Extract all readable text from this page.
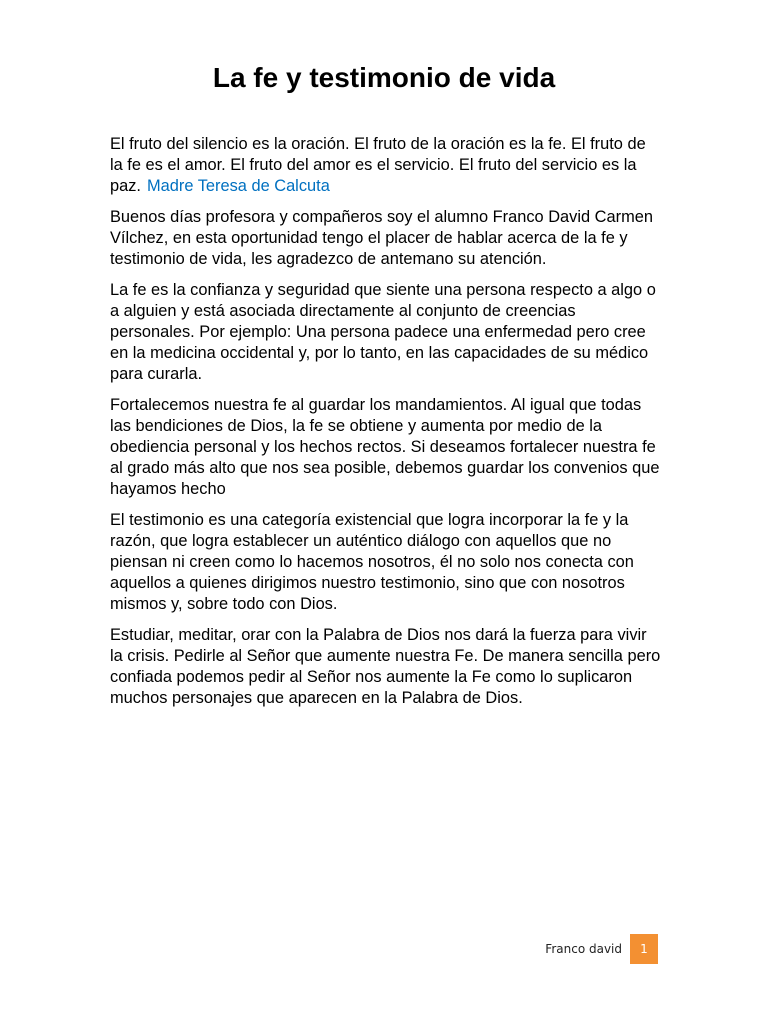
La fe y testimonio de vida

El fruto del silencio es la oración. El fruto de la oración es la fe. El fruto de la fe es el amor. El fruto del amor es el servicio. El fruto del servicio es la paz. Madre Teresa de Calcuta

Buenos días profesora y compañeros soy el alumno Franco David Carmen Vílchez, en esta oportunidad tengo el placer de hablar acerca de la fe y testimonio de vida, les agradezco de antemano su atención.

La fe es la confianza y seguridad que siente una persona respecto a algo o a alguien y está asociada directamente al conjunto de creencias personales. Por ejemplo: Una persona padece una enfermedad pero cree en la medicina occidental y, por lo tanto, en las capacidades de su médico para curarla.

Fortalecemos nuestra fe al guardar los mandamientos. Al igual que todas las bendiciones de Dios, la fe se obtiene y aumenta por medio de la obediencia personal y los hechos rectos. Si deseamos fortalecer nuestra fe al grado más alto que nos sea posible, debemos guardar los convenios que hayamos hecho

El testimonio es una categoría existencial que logra incorporar la fe y la razón, que logra establecer un auténtico diálogo con aquellos que no piensan ni creen como lo hacemos nosotros, él no solo nos conecta con aquellos a quienes dirigimos nuestro testimonio, sino que con nosotros mismos y, sobre todo con Dios.

Estudiar, meditar, orar con la Palabra de Dios nos dará la fuerza para vivir la crisis. Pedirle al Señor que aumente nuestra Fe. De manera sencilla pero confiada podemos pedir al Señor nos aumente la Fe como lo suplicaron muchos personajes que aparecen en la Palabra de Dios.

Franco david	1
